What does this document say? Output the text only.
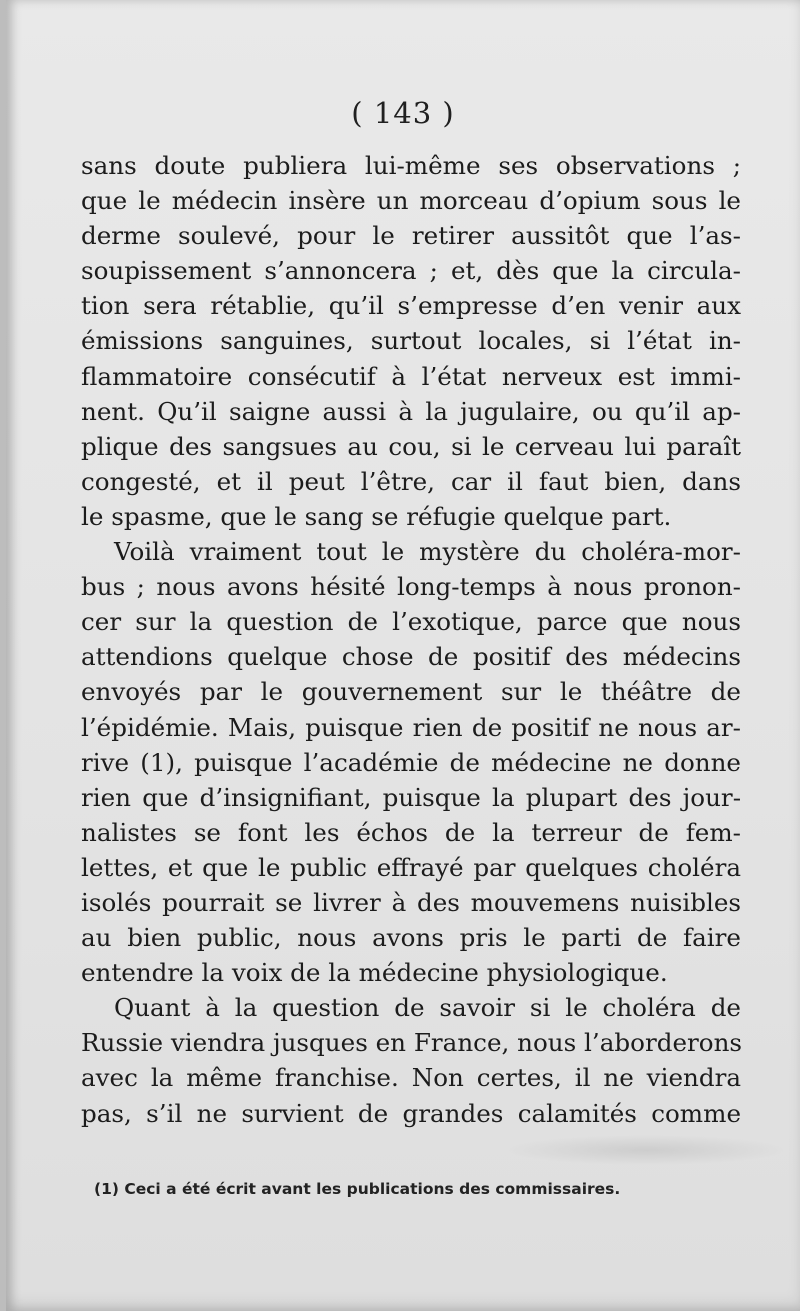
( 143 )
sans doute publiera lui-même ses observations ;
que le médecin insère un morceau d’opium sous le
derme soulevé, pour le retirer aussitôt que l’as-
soupissement s’annoncera ; et, dès que la circula-
tion sera rétablie, qu’il s’empresse d’en venir aux
émissions sanguines, surtout locales, si l’état in-
flammatoire consécutif à l’état nerveux est immi-
nent. Qu’il saigne aussi à la jugulaire, ou qu’il ap-
plique des sangsues au cou, si le cerveau lui paraît
congesté, et il peut l’être, car il faut bien, dans
le spasme, que le sang se réfugie quelque part.
Voilà vraiment tout le mystère du choléra-mor-
bus ; nous avons hésité long-temps à nous pronon-
cer sur la question de l’exotique, parce que nous
attendions quelque chose de positif des médecins
envoyés par le gouvernement sur le théâtre de
l’épidémie. Mais, puisque rien de positif ne nous ar-
rive (1), puisque l’académie de médecine ne donne
rien que d’insignifiant, puisque la plupart des jour-
nalistes se font les échos de la terreur de fem-
lettes, et que le public effrayé par quelques choléra
isolés pourrait se livrer à des mouvemens nuisibles
au bien public, nous avons pris le parti de faire
entendre la voix de la médecine physiologique.
Quant à la question de savoir si le choléra de
Russie viendra jusques en France, nous l’aborderons
avec la même franchise. Non certes, il ne viendra
pas, s’il ne survient de grandes calamités comme
(1) Ceci a été écrit avant les publications des commissaires.
